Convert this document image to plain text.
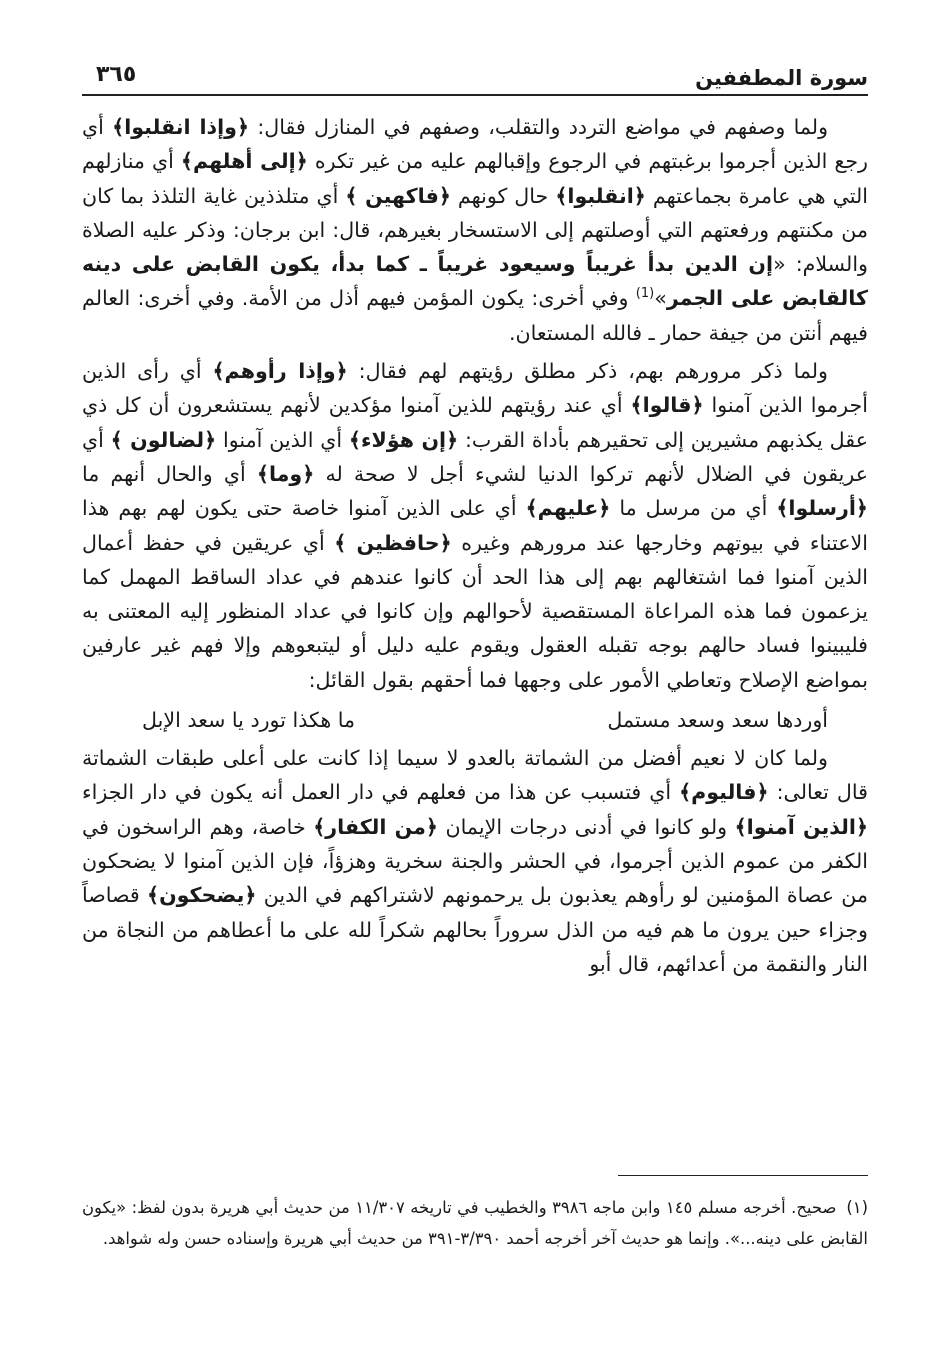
سورة المطففين
٣٦٥

ولما وصفهم في مواضع التردد والتقلب، وصفهم في المنازل فقال: ﴿وإذا انقلبوا﴾ أي رجع الذين أجرموا برغبتهم في الرجوع وإقبالهم عليه من غير تكره ﴿إلى أهلهم﴾ أي منازلهم التي هي عامرة بجماعتهم ﴿انقلبوا﴾ حال كونهم ﴿فاكهين ﴾ أي متلذذين غاية التلذذ بما كان من مكنتهم ورفعتهم التي أوصلتهم إلى الاستسخار بغيرهم، قال: ابن برجان: وذكر عليه الصلاة والسلام: «إن الدين بدأ غريباً وسيعود غريباً ـ كما بدأ، يكون القابض على دينه كالقابض على الجمر»$^{(1)}$ وفي أخرى: يكون المؤمن فيهم أذل من الأمة. وفي أخرى: العالم فيهم أنتن من جيفة حمار ـ فالله المستعان.

ولما ذكر مرورهم بهم، ذكر مطلق رؤيتهم لهم فقال: ﴿وإذا رأوهم﴾ أي رأى الذين أجرموا الذين آمنوا ﴿قالوا﴾ أي عند رؤيتهم للذين آمنوا مؤكدين لأنهم يستشعرون أن كل ذي عقل يكذبهم مشيرين إلى تحقيرهم بأداة القرب: ﴿إن هؤلاء﴾ أي الذين آمنوا ﴿لضالون ﴾ أي عريقون في الضلال لأنهم تركوا الدنيا لشيء أجل لا صحة له ﴿وما﴾ أي والحال أنهم ما ﴿أرسلوا﴾ أي من مرسل ما ﴿عليهم﴾ أي على الذين آمنوا خاصة حتى يكون لهم بهم هذا الاعتناء في بيوتهم وخارجها عند مرورهم وغيره ﴿حافظين ﴾ أي عريقين في حفظ أعمال الذين آمنوا فما اشتغالهم بهم إلى هذا الحد أن كانوا عندهم في عداد الساقط المهمل كما يزعمون فما هذه المراعاة المستقصية لأحوالهم وإن كانوا في عداد المنظور إليه المعتنى به فليبينوا فساد حالهم بوجه تقبله العقول ويقوم عليه دليل أو ليتبعوهم وإلا فهم غير عارفين بمواضع الإصلاح وتعاطي الأمور على وجهها فما أحقهم بقول القائل:

أوردها سعد وسعد مستمل
ما هكذا تورد يا سعد الإبل

ولما كان لا نعيم أفضل من الشماتة بالعدو لا سيما إذا كانت على أعلى طبقات الشماتة قال تعالى: ﴿فاليوم﴾ أي فتسبب عن هذا من فعلهم في دار العمل أنه يكون في دار الجزاء ﴿الذين آمنوا﴾ ولو كانوا في أدنى درجات الإيمان ﴿من الكفار﴾ خاصة، وهم الراسخون في الكفر من عموم الذين أجرموا، في الحشر والجنة سخرية وهزؤاً، فإن الذين آمنوا لا يضحكون من عصاة المؤمنين لو رأوهم يعذبون بل يرحمونهم لاشتراكهم في الدين ﴿يضحكون﴾ قصاصاً وجزاء حين يرون ما هم فيه من الذل سروراً بحالهم شكراً لله على ما أعطاهم من النجاة من النار والنقمة من أعدائهم، قال أبو

(١)صحيح. أخرجه مسلم ١٤٥ وابن ماجه ٣٩٨٦ والخطيب في تاريخه ١١/٣٠٧ من حديث أبي هريرة بدون لفظ: «يكون القابض على دينه...». وإنما هو حديث آخر أخرجه أحمد ٣/٣٩٠-٣٩١ من حديث أبي هريرة وإسناده حسن وله شواهد.
